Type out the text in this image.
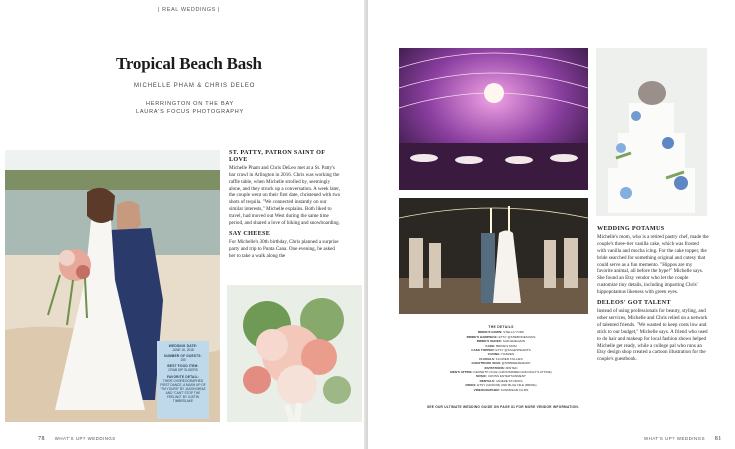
| REAL WEDDINGS |
Tropical Beach Bash
MICHELLE PHAM & CHRIS DELEO
HERRINGTON ON THE BAY
LAURA'S FOCUS PHOTOGRAPHY
WEDDING DATE:
JUNE 16, 2018
NUMBER OF GUESTS:
150
BEST FOOD ITEM:
CRAB DIP SLIDERS
FAVORITE DETAIL:
THEIR CHOREOGRAPHED FIRST DANCE, A MASH UP OF "I'M YOURS" BY JASON MRAZ AND "CAN'T STOP THE FEELING" BY JUSTIN TIMBERLAKE
ST. PATTY, PATRON SAINT OF LOVE

Michelle Pham and Chris DeLeo met at a St. Patty's bar crawl in Arlington in 2016. Chris was working the raffle table, when Michelle strolled by, seemingly alone, and they struck up a conversation. A week later, the couple went on their first date, christened with two shots of tequila. "We connected instantly on our similar interests," Michelle explains. Both liked to travel, had moved out West during the same time period, and shared a love of hiking and snowboarding.

SAY CHEESE

For Michelle's 30th birthday, Chris planned a surprise party and trip to Punta Cana. One evening, he asked her to take a walk along the

78 WHAT'S UP? WEDDINGS
THE DETAILS
BRIDE'S GOWN: STELLA YORK
BRIDE'S HAIRPIECE: ETSY @SHEBODESIGNS
BRIDE'S SHOES: SAM EDELMAN
CAKE: BRIDE'S MOM
CAKE TOPPER: ETSY @SAGESHEARTS
CAVING: HARZEN
FLORALS: FLOWER FOLLIES
GUESTBOOK SIGN: @SHBREEZEMARK
INVITATIONS: MINTED
MEN'S ATTIRE: KENNETH COLE (GROOMSMEN AND MALT'S ATTIRE)
MUSIC: CROSS ENTERTAINMENT
RENTALS: JANEZE STUDIOS
RINGS: ETSY (GROOM) AND BLUE NILE (BRIDE)
VIDEOGRAPHER: SUNDREAM FILMS
SEE OUR ULTIMATE WEDDING GUIDE ON PAGE 81 FOR MORE VENDOR INFORMATION.
WEDDING POTAMUS

Michelle's mom, who is a retired pastry chef, made the couple's three-tier vanilla cake, which was frosted with vanilla and mocha icing. For the cake topper, the bride searched for something original and cutesy that could serve as a fun memento. "Hippos are my favorite animal, all before the hype!" Michelle says. She found an Etsy vendor who let the couple customize tiny details, including imparting Chris' hippopotamus likeness with green eyes.

DELEOS' GOT TALENT

Instead of using professionals for beauty, styling, and other services, Michelle and Chris relied on a network of talented friends. "We wanted to keep costs low and stick to our budget," Michelle says. A friend who used to do hair and makeup for local fashion shows helped Michelle get ready, while a college pal who runs an Etsy design shop created a cartoon illustration for the couple's guestbook.

WHAT'S UP? WEDDINGS 81
